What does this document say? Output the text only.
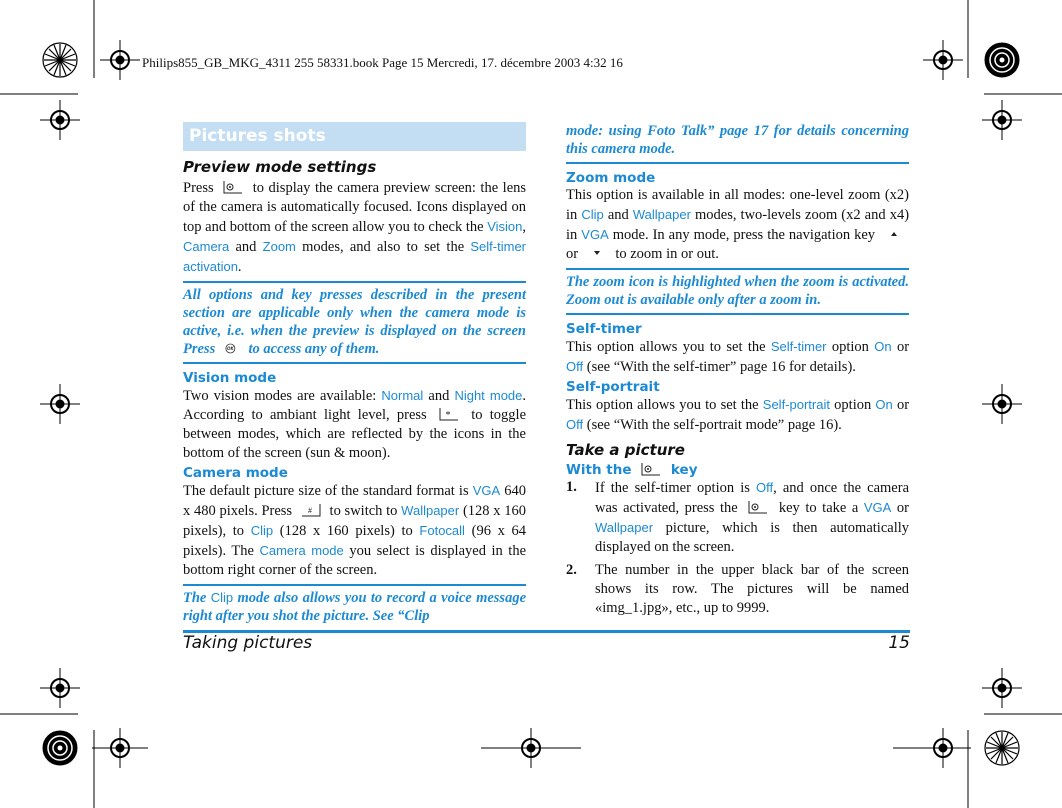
Philips855_GB_MKG_4311 255 58331.book Page 15 Mercredi, 17. décembre 2003 4:32 16
Pictures shots
Preview mode settings

Press	to display the camera preview screen: the lens of the camera is automatically focused. Icons displayed on top and bottom of the screen allow you to check the Vision, Camera and Zoom modes, and also to set the Self-timer activation.

All options and key presses described in the present section are applicable only when the camera mode is active, i.e. when the preview is displayed on the screen Press OK to access any of them.
Vision mode

Two vision modes are available: Normal and Night mode. According to ambiant light level, press * to toggle between modes, which are reflected by the icons in the bottom of the screen (sun & moon).

Camera mode

The default picture size of the standard format is VGA 640 x 480 pixels. Press # to switch to Wallpaper (128 x 160 pixels), to Clip (128 x 160 pixels) to Fotocall (96 x 64 pixels). The Camera mode you select is displayed in the bottom right corner of the screen.

The Clip mode also allows you to record a voice message right after you shot the picture. See “Clip
mode: using Foto Talk” page 17 for details concerning this camera mode.
Zoom mode

This option is available in all modes: one-level zoom (x2) in Clip and Wallpaper modes, two-levels zoom (x2 and x4) in VGA mode. In any mode, press the navigation key  or	to zoom in or out.

The zoom icon is highlighted when the zoom is activated. Zoom out is available only after a zoom in.
Self-timer

This option allows you to set the Self-timer option On or Off (see “With the self-timer” page 16 for details).

Self-portrait

This option allows you to set the Self-portrait option On or Off (see “With the self-portrait mode” page 16).

Take a picture
With the	key
1.	If the self-timer option is Off, and once the camera was activated, press the	key to take a VGA or Wallpaper picture, which is then automatically displayed on the screen.
2.	The number in the upper black bar of the screen shows its row. The pictures will be named «img_1.jpg», etc., up to 9999.
Taking pictures	15
